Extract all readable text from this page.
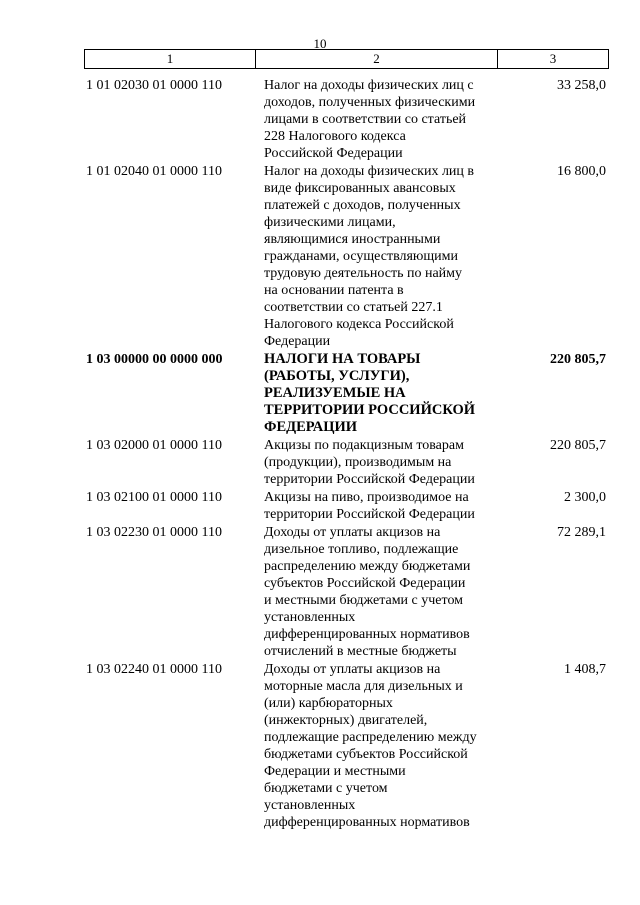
10
1	2	3
1 01 02030 01 0000 110	Налог на доходы физических лиц с
доходов, полученных физическими
лицами в соответствии со статьей
228 Налогового кодекса
Российской Федерации
33 258,0
1 01 02040 01 0000 110	Налог на доходы физических лиц в
виде фиксированных авансовых
платежей с доходов, полученных
физическими лицами,
являющимися иностранными
гражданами, осуществляющими
трудовую деятельность по найму
на основании патента в
соответствии со статьей 227.1
Налогового кодекса Российской
Федерации
16 800,0
1 03 00000 00 0000 000	НАЛОГИ НА ТОВАРЫ
(РАБОТЫ, УСЛУГИ),
РЕАЛИЗУЕМЫЕ НА
ТЕРРИТОРИИ РОССИЙСКОЙ
ФЕДЕРАЦИИ
220 805,7
1 03 02000 01 0000 110	Акцизы по подакцизным товарам
(продукции), производимым на
территории Российской Федерации
220 805,7
1 03 02100 01 0000 110	Акцизы на пиво, производимое на
территории Российской Федерации
2 300,0
1 03 02230 01 0000 110	Доходы от уплаты акцизов на
дизельное топливо, подлежащие
распределению между бюджетами
субъектов Российской Федерации
и местными бюджетами с учетом
установленных
дифференцированных нормативов
отчислений в местные бюджеты
72 289,1
1 03 02240 01 0000 110	Доходы от уплаты акцизов на
моторные масла для дизельных и
(или) карбюраторных
(инжекторных) двигателей,
подлежащие распределению между
бюджетами субъектов Российской
Федерации и местными
бюджетами с учетом
установленных
дифференцированных нормативов
1 408,7
